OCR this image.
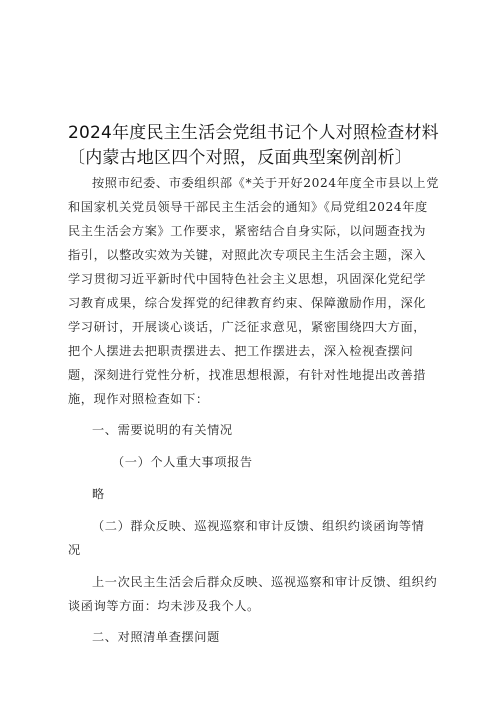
2024年度民主生活会党组书记个人对照检查材料
〔内蒙古地区四个对照，反面典型案例剖析〕
按照市纪委、市委组织部《*关于开好2024年度全市县以上党
和国家机关党员领导干部民主生活会的通知》《局党组2024年度
民主生活会方案》工作要求，紧密结合自身实际，以问题查找为
指引，以整改实效为关键，对照此次专项民主生活会主题，深入
学习贯彻习近平新时代中国特色社会主义思想，巩固深化党纪学
习教育成果，综合发挥党的纪律教育约束、保障激励作用，深化
学习研讨，开展谈心谈话，广泛征求意见，紧密围绕四大方面，
把个人摆进去把职责摆进去、把工作摆进去，深入检视查摆问
题，深刻进行党性分析，找准思想根源，有针对性地提出改善措
施，现作对照检查如下：
一、需要说明的有关情况
（一）个人重大事项报告
略
（二）群众反映、巡视巡察和审计反馈、组织约谈函询等情
况
上一次民主生活会后群众反映、巡视巡察和审计反馈、组织约
谈函询等方面：均未涉及我个人。
二、对照清单查摆问题
